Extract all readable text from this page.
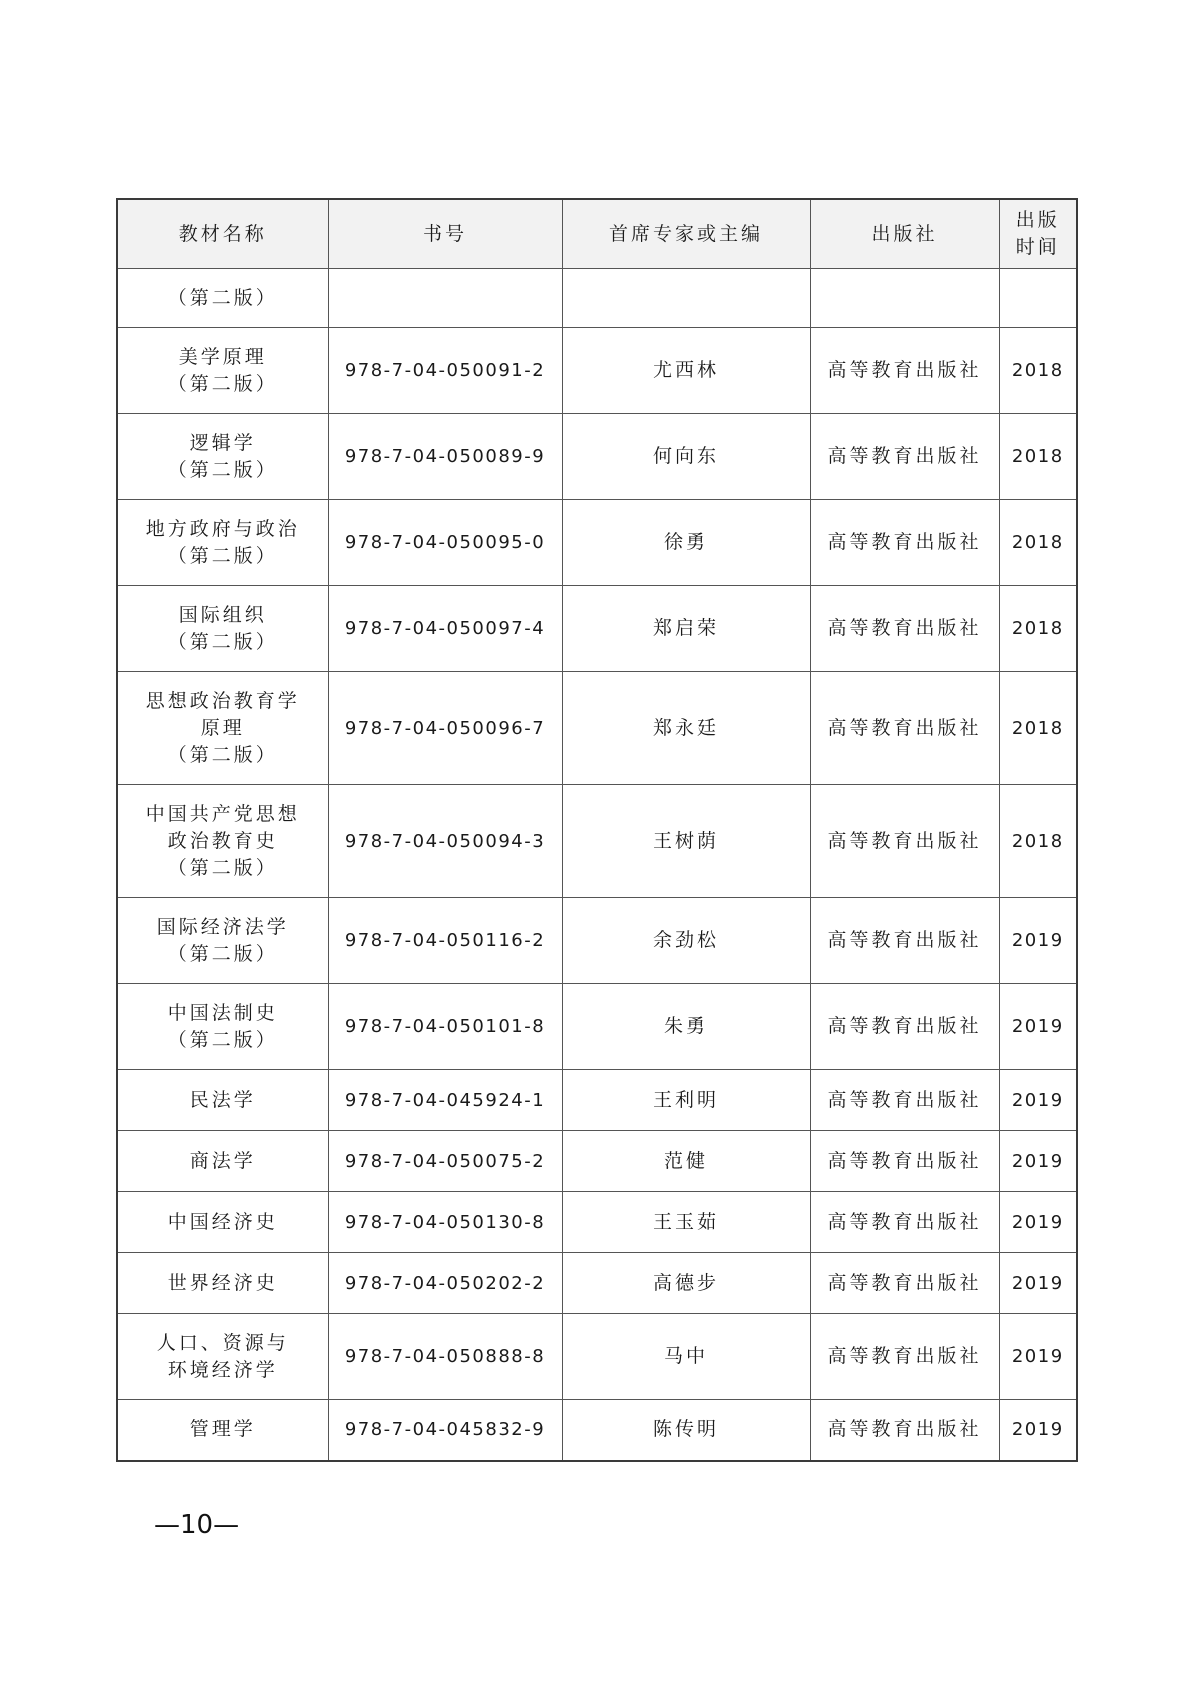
教材名称	书号	首席专家或主编	出版社	出版
时间

（第二版）				

美学原理
（第二版）	978-7-04-050091-2	尤西林	高等教育出版社	2018

逻辑学
（第二版）	978-7-04-050089-9	何向东	高等教育出版社	2018

地方政府与政治
（第二版）	978-7-04-050095-0	徐勇	高等教育出版社	2018

国际组织
（第二版）	978-7-04-050097-4	郑启荣	高等教育出版社	2018

思想政治教育学
原理
（第二版）	978-7-04-050096-7	郑永廷	高等教育出版社	2018

中国共产党思想
政治教育史
（第二版）	978-7-04-050094-3	王树荫	高等教育出版社	2018

国际经济法学
（第二版）	978-7-04-050116-2	余劲松	高等教育出版社	2019

中国法制史
（第二版）	978-7-04-050101-8	朱勇	高等教育出版社	2019

民法学	978-7-04-045924-1	王利明	高等教育出版社	2019

商法学	978-7-04-050075-2	范健	高等教育出版社	2019

中国经济史	978-7-04-050130-8	王玉茹	高等教育出版社	2019

世界经济史	978-7-04-050202-2	高德步	高等教育出版社	2019

人口、资源与
环境经济学	978-7-04-050888-8	马中	高等教育出版社	2019

管理学	978-7-04-045832-9	陈传明	高等教育出版社	2019
—10—
